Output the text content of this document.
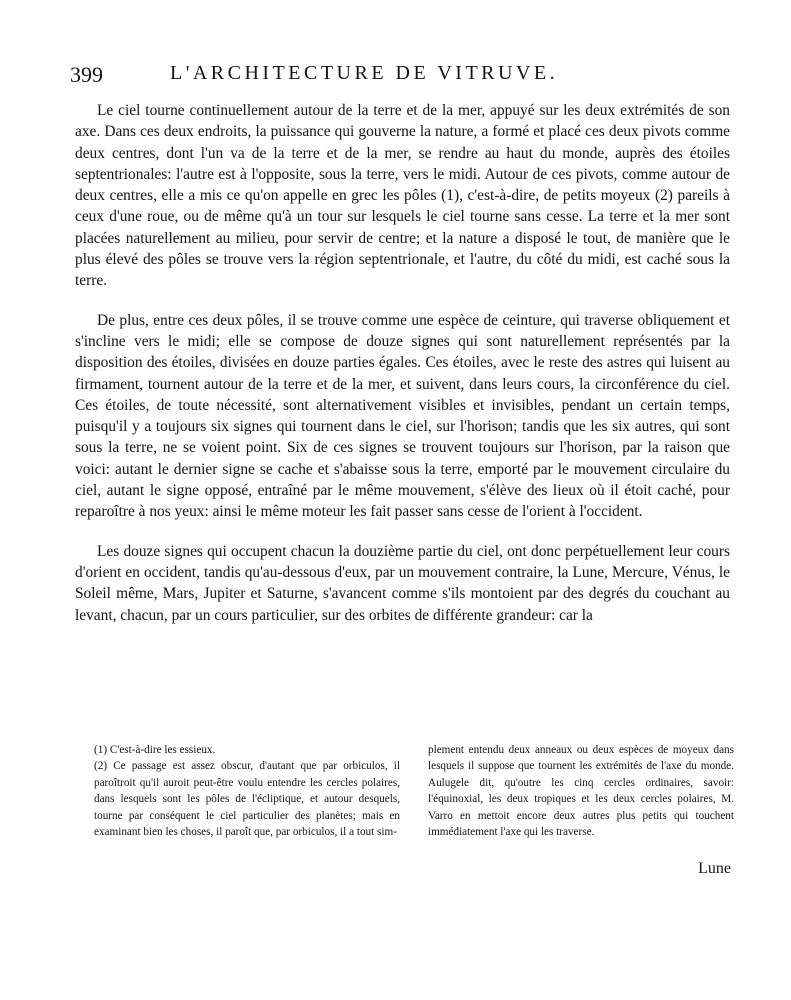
399	L'ARCHITECTURE DE VITRUVE.

Le ciel tourne continuellement autour de la terre et de la mer, appuyé sur les deux extrémités de son axe. Dans ces deux endroits, la puissance qui gouverne la nature, a formé et placé ces deux pivots comme deux centres, dont l'un va de la terre et de la mer, se rendre au haut du monde, auprès des étoiles septentrionales: l'autre est à l'opposite, sous la terre, vers le midi. Autour de ces pivots, comme autour de deux centres, elle a mis ce qu'on appelle en grec les pôles (1), c'est-à-dire, de petits moyeux (2) pareils à ceux d'une roue, ou de même qu'à un tour sur lesquels le ciel tourne sans cesse. La terre et la mer sont placées naturellement au milieu, pour servir de centre; et la nature a disposé le tout, de manière que le plus élevé des pôles se trouve vers la région septentrionale, et l'autre, du côté du midi, est caché sous la terre.

De plus, entre ces deux pôles, il se trouve comme une espèce de ceinture, qui traverse obliquement et s'incline vers le midi; elle se compose de douze signes qui sont naturellement représentés par la disposition des étoiles, divisées en douze parties égales. Ces étoiles, avec le reste des astres qui luisent au firmament, tournent autour de la terre et de la mer, et suivent, dans leurs cours, la circonférence du ciel. Ces étoiles, de toute nécessité, sont alternativement visibles et invisibles, pendant un certain temps, puisqu'il y a toujours six signes qui tournent dans le ciel, sur l'horison; tandis que les six autres, qui sont sous la terre, ne se voient point. Six de ces signes se trouvent toujours sur l'horison, par la raison que voici: autant le dernier signe se cache et s'abaisse sous la terre, emporté par le mouvement circulaire du ciel, autant le signe opposé, entraîné par le même mouvement, s'élève des lieux où il étoit caché, pour reparoître à nos yeux: ainsi le même moteur les fait passer sans cesse de l'orient à l'occident.

Les douze signes qui occupent chacun la douzième partie du ciel, ont donc perpétuellement leur cours d'orient en occident, tandis qu'au-dessous d'eux, par un mouvement contraire, la Lune, Mercure, Vénus, le Soleil même, Mars, Jupiter et Saturne, s'avancent comme s'ils montoient par des degrés du couchant au levant, chacun, par un cours particulier, sur des orbites de différente grandeur: car la

(1) C'est-à-dire les essieux.

(2) Ce passage est assez obscur, d'autant que par orbiculos, il paroîtroit qu'il auroit peut-être voulu entendre les cercles polaires, dans lesquels sont les pôles de l'écliptique, et autour desquels, tourne par conséquent le ciel particulier des planètes; mais en examinant bien les choses, il paroît que, par orbiculos, il a tout sim-

plement entendu deux anneaux ou deux espèces de moyeux dans lesquels il suppose que tournent les extrémités de l'axe du monde. Aulugele dit, qu'outre les cinq cercles ordinaires, savoir: l'équinoxial, les deux tropiques et les deux cercles polaires, M. Varro en mettoit encore deux autres plus petits qui touchent immédiatement l'axe qui les traverse.

Lune
